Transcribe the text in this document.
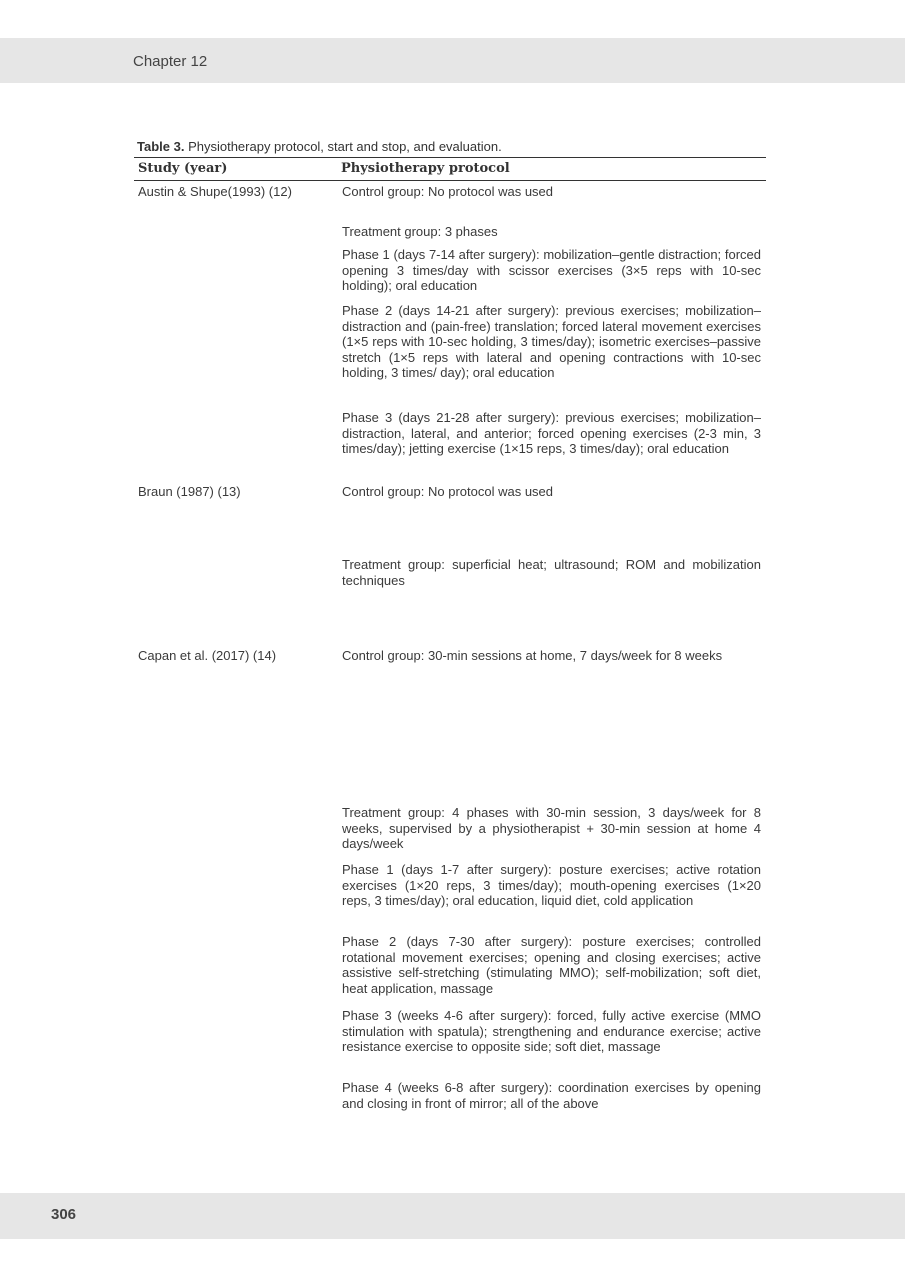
Chapter 12
Table 3. Physiotherapy protocol, start and stop, and evaluation.
Study (year)	Physiotherapy protocol
Austin & Shupe(1993) (12)	Control group: No protocol was used
Treatment group: 3 phases
Phase 1 (days 7-14 after surgery): mobilization–gentle distraction; forced opening 3 times/day with scissor exercises (3×5 reps with 10-sec holding); oral education
Phase 2 (days 14-21 after surgery): previous exercises; mobilization–distraction and (pain-free) translation; forced lateral movement exercises (1×5 reps with 10-sec holding, 3 times/day); isometric exercises–passive stretch (1×5 reps with lateral and opening contractions with 10-sec holding, 3 times/ day); oral education
Phase 3 (days 21-28 after surgery): previous exercises; mobilization–distraction, lateral, and anterior; forced opening exercises (2-3 min, 3 times/day); jetting exercise (1×15 reps, 3 times/day); oral education
Braun (1987) (13)	Control group: No protocol was used
Treatment group: superficial heat; ultrasound; ROM and mobilization techniques
Capan et al. (2017) (14)	Control group: 30-min sessions at home, 7 days/week for 8 weeks
Treatment group: 4 phases with 30-min session, 3 days/week for 8 weeks, supervised by a physiotherapist + 30-min session at home 4 days/week
Phase 1 (days 1-7 after surgery): posture exercises; active rotation exercises (1×20 reps, 3 times/day); mouth-opening exercises (1×20 reps, 3 times/day); oral education, liquid diet, cold application
Phase 2 (days 7-30 after surgery): posture exercises; controlled rotational movement exercises; opening and closing exercises; active assistive self-stretching (stimulating MMO); self-mobilization; soft diet, heat application, massage
Phase 3 (weeks 4-6 after surgery): forced, fully active exercise (MMO stimulation with spatula); strengthening and endurance exercise; active resistance exercise to opposite side; soft diet, massage
Phase 4 (weeks 6-8 after surgery): coordination exercises by opening and closing in front of mirror; all of the above
306
